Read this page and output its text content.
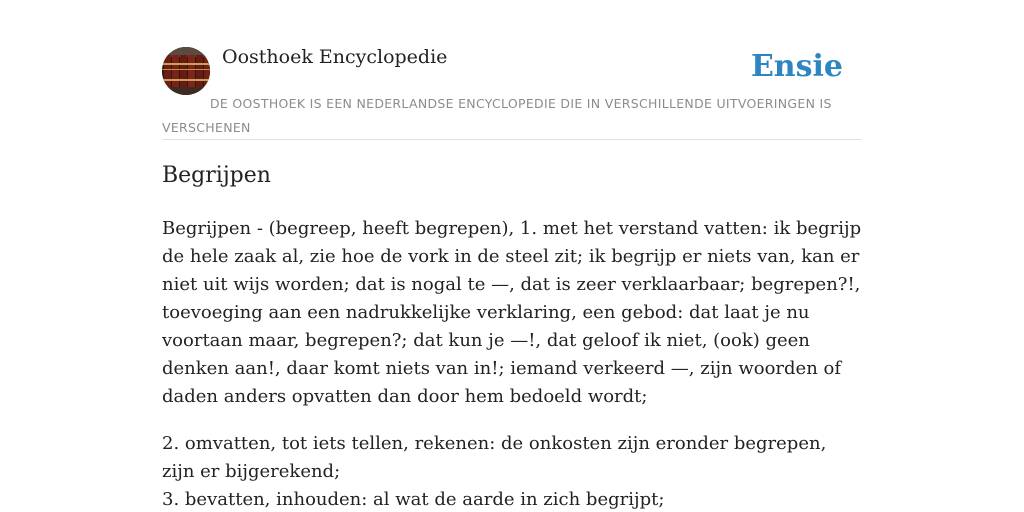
Oosthoek Encyclopedie	Ensie
DE OOSTHOEK IS EEN NEDERLANDSE ENCYCLOPEDIE DIE IN VERSCHILLENDE UITVOERINGEN IS VERSCHENEN
Begrijpen

Begrijpen - (begreep, heeft begrepen), 1. met het verstand vatten: ik begrijp de hele zaak al, zie hoe de vork in de steel zit; ik begrijp er niets van, kan er niet uit wijs worden; dat is nogal te —, dat is zeer verklaarbaar; begrepen?!, toevoeging aan een nadrukkelijke verklaring, een gebod: dat laat je nu voortaan maar, begrepen?; dat kun je —!, dat geloof ik niet, (ook) geen denken aan!, daar komt niets van in!; iemand verkeerd —, zijn woorden of daden anders opvatten dan door hem bedoeld wordt;

2. omvatten, tot iets tellen, rekenen: de onkosten zijn eronder begrepen, zijn er bijgerekend;
3. bevatten, inhouden: al wat de aarde in zich begrijpt;
